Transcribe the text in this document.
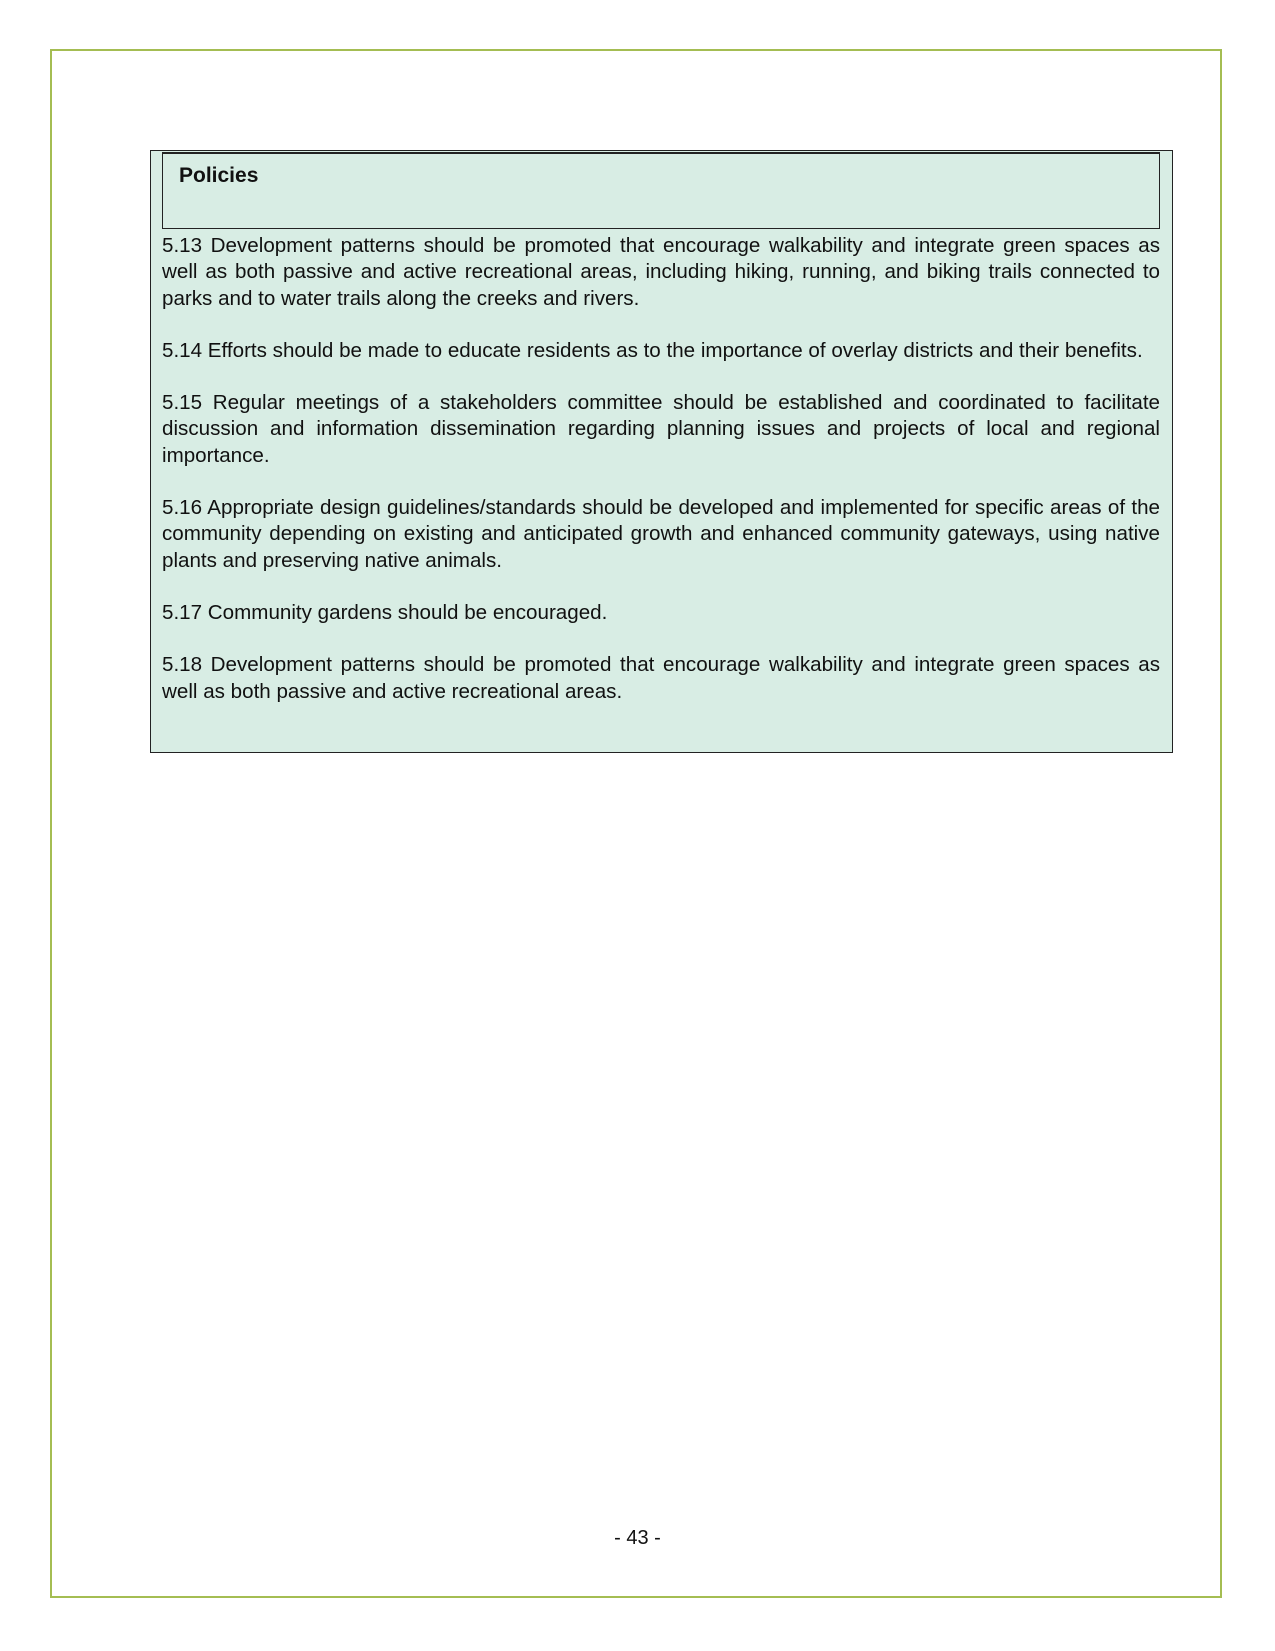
Policies

5.13 Development patterns should be promoted that encourage walkability and integrate green spaces as well as both passive and active recreational areas, including hiking, running, and biking trails connected to parks and to water trails along the creeks and rivers.

5.14 Efforts should be made to educate residents as to the importance of overlay districts and their benefits.

5.15 Regular meetings of a stakeholders committee should be established and coordinated to facilitate discussion and information dissemination regarding planning issues and projects of local and regional importance.

5.16 Appropriate design guidelines/standards should be developed and implemented for specific areas of the community depending on existing and anticipated growth and enhanced community gateways, using native plants and preserving native animals.

5.17 Community gardens should be encouraged.

5.18 Development patterns should be promoted that encourage walkability and integrate green spaces as well as both passive and active recreational areas.

- 43 -
